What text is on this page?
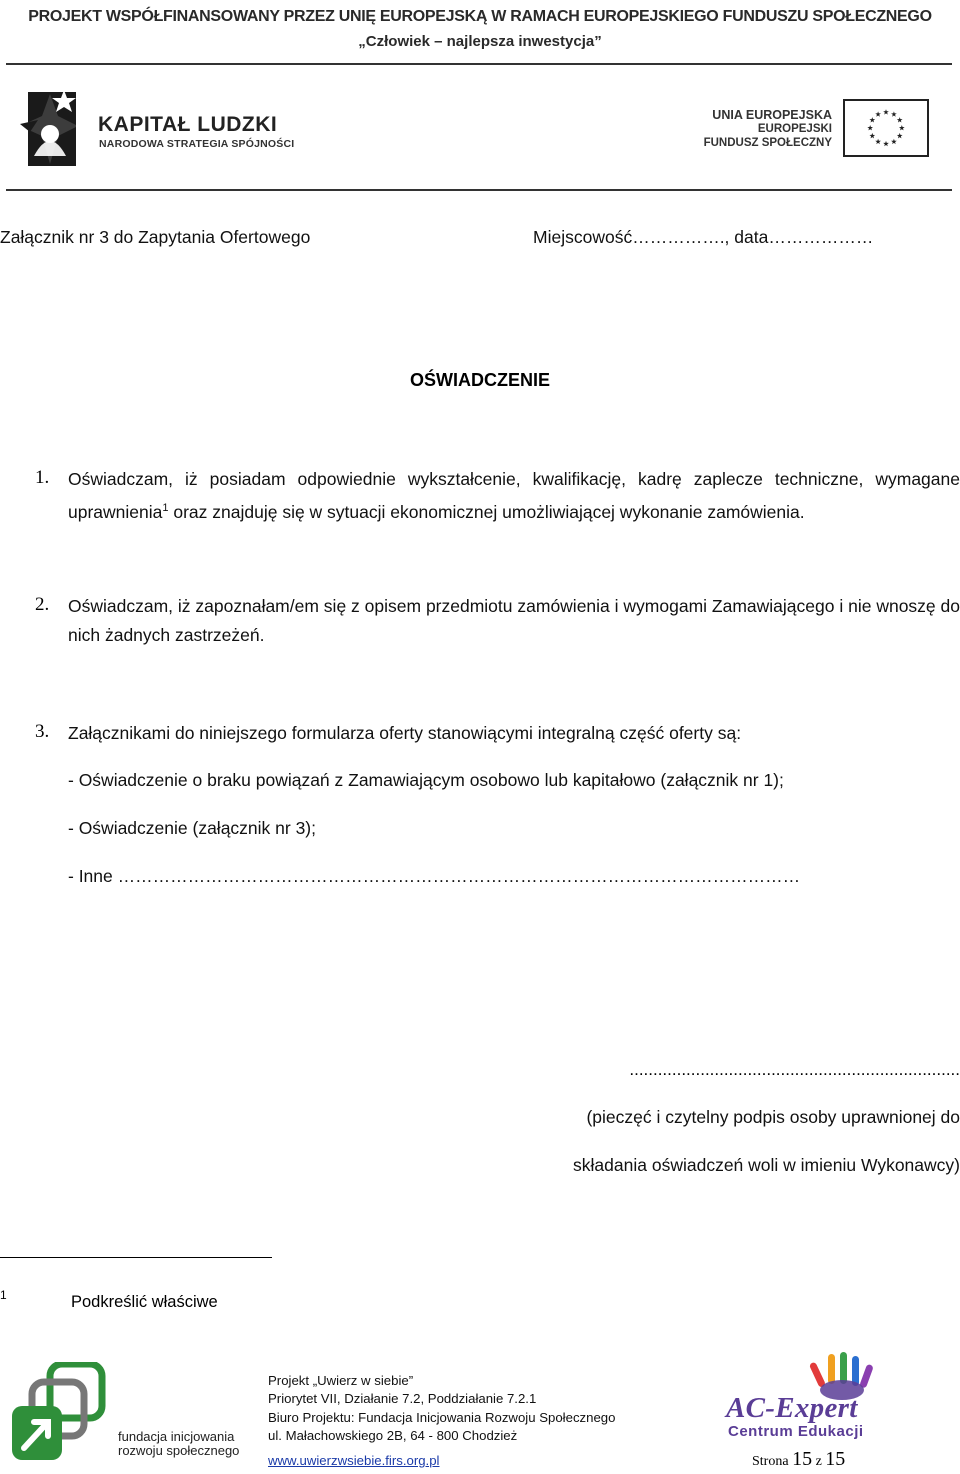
PROJEKT WSPÓŁFINANSOWANY PRZEZ UNIĘ EUROPEJSKĄ W RAMACH EUROPEJSKIEGO FUNDUSZU SPOŁECZNEGO
„Człowiek – najlepsza inwestycja”
KAPITAŁ LUDZKI
NARODOWA STRATEGIA SPÓJNOŚCI
UNIA EUROPEJSKA
EUROPEJSKI
FUNDUSZ SPOŁECZNY
Załącznik nr 3 do Zapytania Ofertowego	Miejscowość……………., data………………
OŚWIADCZENIE
1. Oświadczam, iż posiadam odpowiednie wykształcenie, kwalifikację, kadrę zaplecze techniczne, wymagane uprawnienia$^1$ oraz znajduję się w sytuacji ekonomicznej umożliwiającej wykonanie zamówienia.
2. Oświadczam, iż zapoznałam/em się z opisem przedmiotu zamówienia i wymogami Zamawiającego i nie wnoszę do nich żadnych zastrzeżeń.
3. Załącznikami do niniejszego formularza oferty stanowiącymi integralną część oferty są:
- Oświadczenie o braku powiązań z Zamawiającym osobowo lub kapitałowo (załącznik nr 1);
- Oświadczenie (załącznik nr 3);
- Inne ………………………………………………………………………………………………………
......................................................................
(pieczęć i czytelny podpis osoby uprawnionej do
składania oświadczeń woli w imieniu Wykonawcy)
1	Podkreślić właściwe
fundacja inicjowania
rozwoju społecznego
Projekt „Uwierz w siebie”
Priorytet VII, Działanie 7.2, Poddziałanie 7.2.1
Biuro Projektu: Fundacja Inicjowania Rozwoju Społecznego
ul. Małachowskiego 2B, 64 - 800 Chodzież
www.uwierzwsiebie.firs.org.pl
AC-Expert
Centrum Edukacji
Strona 15 z 15
